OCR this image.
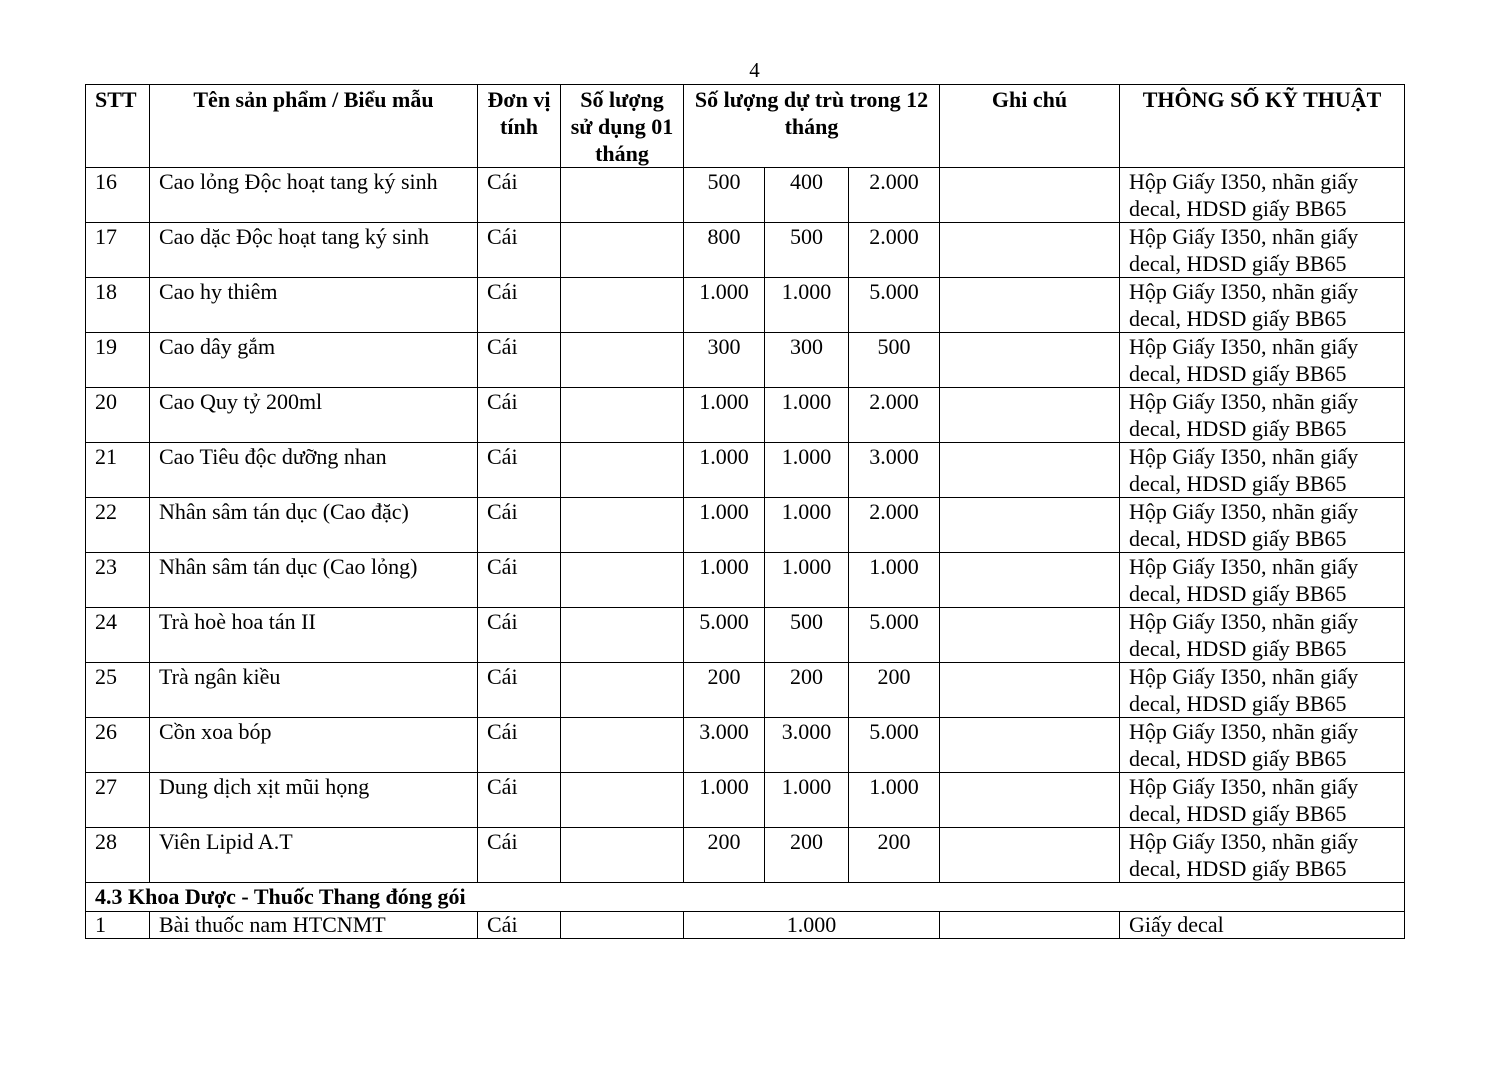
4
STT	Tên sản phẩm / Biểu mẫu	Đơn vị tính	Số lượng sử dụng 01 tháng	Số lượng dự trù trong 12 tháng			Ghi chú	THÔNG SỐ KỸ THUẬT
16	Cao lỏng Độc hoạt tang ký sinh	Cái		500	400	2.000		Hộp Giấy I350, nhãn giấy decal, HDSD giấy BB65
17	Cao dặc Độc hoạt tang ký sinh	Cái		800	500	2.000		Hộp Giấy I350, nhãn giấy decal, HDSD giấy BB65
18	Cao hy thiêm	Cái		1.000	1.000	5.000		Hộp Giấy I350, nhãn giấy decal, HDSD giấy BB65
19	Cao dây gắm	Cái		300	300	500		Hộp Giấy I350, nhãn giấy decal, HDSD giấy BB65
20	Cao Quy tỷ 200ml	Cái		1.000	1.000	2.000		Hộp Giấy I350, nhãn giấy decal, HDSD giấy BB65
21	Cao Tiêu độc dưỡng nhan	Cái		1.000	1.000	3.000		Hộp Giấy I350, nhãn giấy decal, HDSD giấy BB65
22	Nhân sâm tán dục (Cao đặc)	Cái		1.000	1.000	2.000		Hộp Giấy I350, nhãn giấy decal, HDSD giấy BB65
23	Nhân sâm tán dục (Cao lỏng)	Cái		1.000	1.000	1.000		Hộp Giấy I350, nhãn giấy decal, HDSD giấy BB65
24	Trà hoè hoa tán II	Cái		5.000	500	5.000		Hộp Giấy I350, nhãn giấy decal, HDSD giấy BB65
25	Trà ngân kiều	Cái		200	200	200		Hộp Giấy I350, nhãn giấy decal, HDSD giấy BB65
26	Cồn xoa bóp	Cái		3.000	3.000	5.000		Hộp Giấy I350, nhãn giấy decal, HDSD giấy BB65
27	Dung dịch xịt mũi họng	Cái		1.000	1.000	1.000		Hộp Giấy I350, nhãn giấy decal, HDSD giấy BB65
28	Viên Lipid A.T	Cái		200	200	200		Hộp Giấy I350, nhãn giấy decal, HDSD giấy BB65
4.3 Khoa Dược - Thuốc Thang đóng gói								
1	Bài thuốc nam HTCNMT	Cái		1.000				Giấy decal
